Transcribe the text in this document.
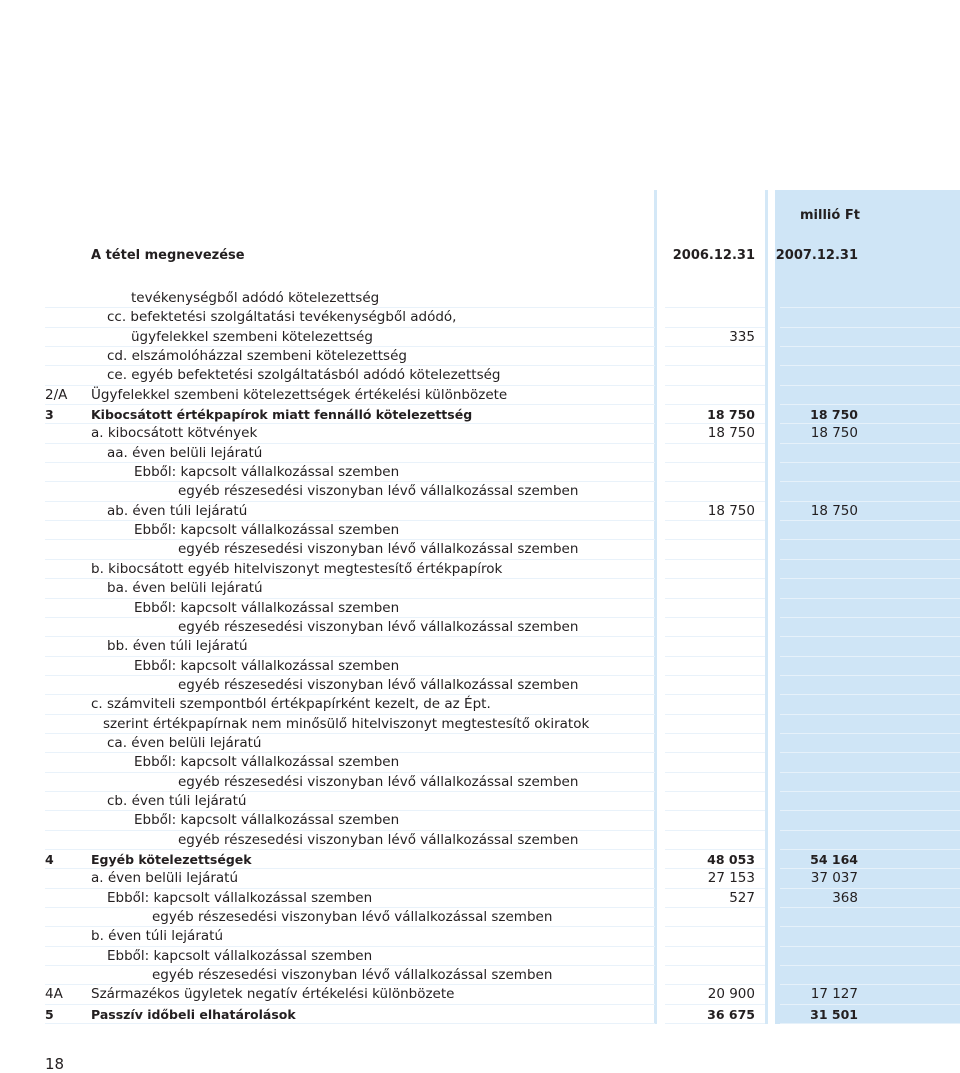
millió Ft
A tétel megnevezése	2006.12.31 2007.12.31
tevékenységből adódó kötelezettség
cc. befektetési szolgáltatási tevékenységből adódó,
ügyfelekkel szembeni kötelezettség	335
cd. elszámolóházzal szembeni kötelezettség
ce. egyéb befektetési szolgáltatásból adódó kötelezettség
2/A Ügyfelekkel szembeni kötelezettségek értékelési különbözete
3	Kibocsátott értékpapírok miatt fennálló kötelezettség	18 750	18 750
a. kibocsátott kötvények	18 750	18 750
aa. éven belüli lejáratú
Ebből: kapcsolt vállalkozással szemben
egyéb részesedési viszonyban lévő vállalkozással szemben
ab. éven túli lejáratú	18 750	18 750
Ebből: kapcsolt vállalkozással szemben
egyéb részesedési viszonyban lévő vállalkozással szemben
b. kibocsátott egyéb hitelviszonyt megtestesítő értékpapírok
ba. éven belüli lejáratú
Ebből: kapcsolt vállalkozással szemben
egyéb részesedési viszonyban lévő vállalkozással szemben
bb. éven túli lejáratú
Ebből: kapcsolt vállalkozással szemben
egyéb részesedési viszonyban lévő vállalkozással szemben
c. számviteli szempontból értékpapírként kezelt, de az Épt.
szerint értékpapírnak nem minősülő hitelviszonyt megtestesítő okiratok
ca. éven belüli lejáratú
Ebből: kapcsolt vállalkozással szemben
egyéb részesedési viszonyban lévő vállalkozással szemben
cb. éven túli lejáratú
Ebből: kapcsolt vállalkozással szemben
egyéb részesedési viszonyban lévő vállalkozással szemben
4	Egyéb kötelezettségek	48 053	54 164
a. éven belüli lejáratú	27 153	37 037
Ebből: kapcsolt vállalkozással szemben	527	368
egyéb részesedési viszonyban lévő vállalkozással szemben
b. éven túli lejáratú
Ebből: kapcsolt vállalkozással szemben
egyéb részesedési viszonyban lévő vállalkozással szemben
4A Származékos ügyletek negatív értékelési különbözete	20 900	17 127
5	Passzív időbeli elhatárolások	36 675	31 501
18
